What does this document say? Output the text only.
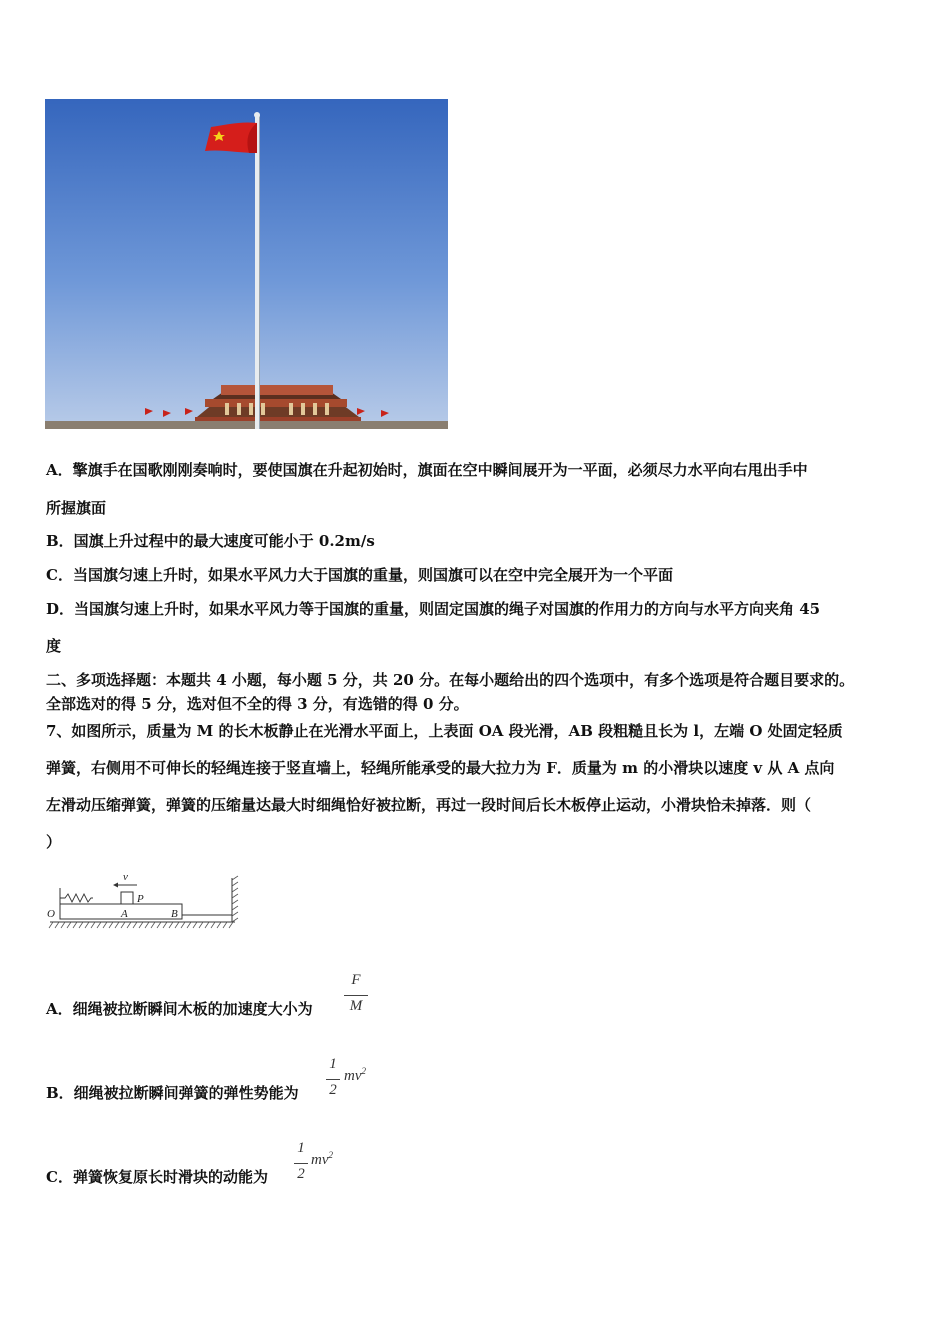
A．擎旗手在国歌刚刚奏响时，要使国旗在升起初始时，旗面在空中瞬间展开为一平面，必须尽力水平向右甩出手中
所握旗面
B．国旗上升过程中的最大速度可能小于 0.2m/s
C．当国旗匀速上升时，如果水平风力大于国旗的重量，则国旗可以在空中完全展开为一个平面
D．当国旗匀速上升时，如果水平风力等于国旗的重量，则固定国旗的绳子对国旗的作用力的方向与水平方向夹角 45
度
二、多项选择题：本题共 4 小题，每小题 5 分，共 20 分。在每小题给出的四个选项中，有多个选项是符合题目要求的。
全部选对的得 5 分，选对但不全的得 3 分，有选错的得 0 分。
7、如图所示，质量为 M 的长木板静止在光滑水平面上，上表面 OA 段光滑，AB 段粗糙且长为 l，左端 O 处固定轻质
弹簧，右侧用不可伸长的轻绳连接于竖直墙上，轻绳所能承受的最大拉力为 F．质量为 m 的小滑块以速度 v 从 A 点向
左滑动压缩弹簧，弹簧的压缩量达最大时细绳恰好被拉断，再过一段时间后长木板停止运动，小滑块恰未掉落．则（
）
v
P
O	A	B
A．细绳被拉断瞬间木板的加速度大小为
F
M
B．细绳被拉断瞬间弹簧的弹性势能为
1
2
$mv^2$
C．弹簧恢复原长时滑块的动能为
1
2
$mv^2$
